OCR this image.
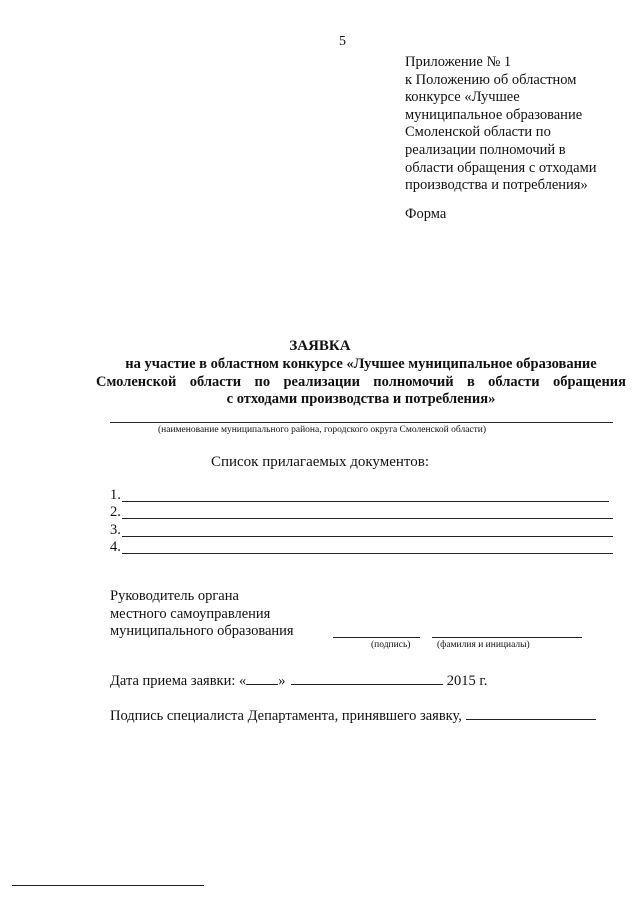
5
Приложение № 1
к Положению об областном
конкурсе «Лучшее
муниципальное образование
Смоленской области по
реализации полномочий в
области обращения с отходами
производства и потребления»
Форма
ЗАЯВКА
на участие в областном конкурсе «Лучшее муниципальное образование
Смоленской области по реализации полномочий в области обращения
с отходами производства и потребления»
(наименование муниципального района, городского округа Смоленской области)
Список прилагаемых документов:
1.
2.
3.
4.
Руководитель органа
местного самоуправления
муниципального образования
(подпись)	(фамилия и инициалы)
Дата приема заявки: « »	2015 г.
Подпись специалиста Департамента, принявшего заявку,
